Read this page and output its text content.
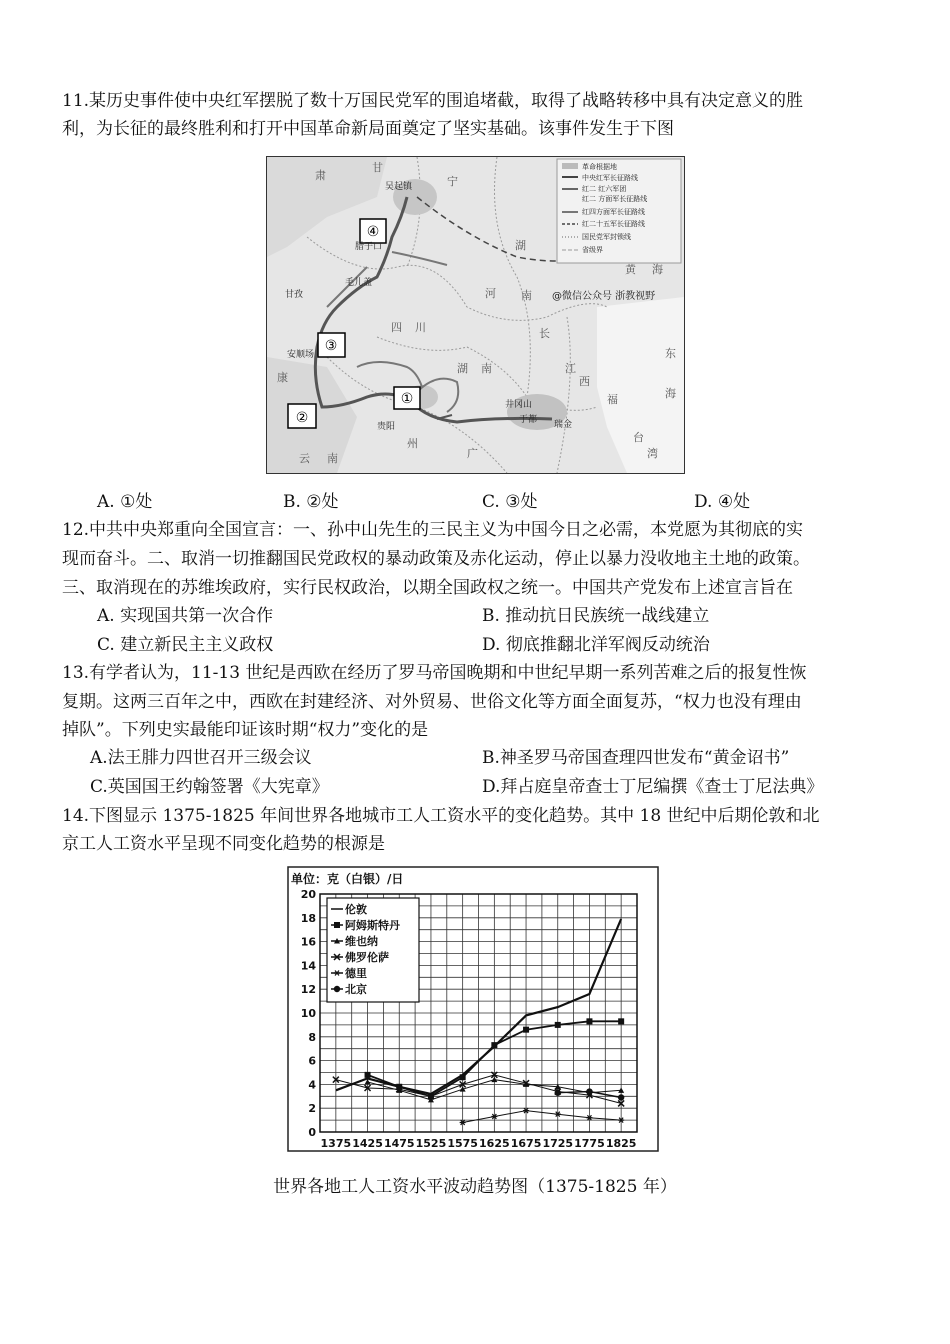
11.某历史事件使中央红军摆脱了数十万国民党军的围追堵截，取得了战略转移中具有决定意义的胜
利，为长征的最终胜利和打开中国革命新局面奠定了坚实基础。该事件发生于下图
①
②
③
④
吴起镇
腊子口
毛儿盖
甘孜
安顺场
贵阳
井冈山
瑞金
于都
甘
宁
湖
河 南
黄 海
东
海
长
台
湾
四 川
云 南
湖 南	江
西
福
广
州
康
肃
革命根据地
中央红军长征路线
红二 红六军团
红二 方面军长征路线
红四方面军长征路线
红二十五军长征路线
国民党军封锁线
省级界
@微信公众号 浙教视野
A. ①处	B. ②处	C. ③处	D. ④处
12.中共中央郑重向全国宣言：一、孙中山先生的三民主义为中国今日之必需，本党愿为其彻底的实
现而奋斗。二、取消一切推翻国民党政权的暴动政策及赤化运动，停止以暴力没收地主土地的政策。
三、取消现在的苏维埃政府，实行民权政治，以期全国政权之统一。中国共产党发布上述宣言旨在
A. 实现国共第一次合作	B. 推动抗日民族统一战线建立
C. 建立新民主主义政权	D. 彻底推翻北洋军阀反动统治
13.有学者认为，11-13 世纪是西欧在经历了罗马帝国晚期和中世纪早期一系列苦难之后的报复性恢
复期。这两三百年之中，西欧在封建经济、对外贸易、世俗文化等方面全面复苏，“权力也没有理由
掉队”。下列史实最能印证该时期“权力”变化的是
A.法王腓力四世召开三级会议	B.神圣罗马帝国查理四世发布“黄金诏书”
C.英国国王约翰签署《大宪章》	D.拜占庭皇帝查士丁尼编撰《查士丁尼法典》
14.下图显示 1375-1825 年间世界各地城市工人工资水平的变化趋势。其中 18 世纪中后期伦敦和北
京工人工资水平呈现不同变化趋势的根源是
单位：克（白银）/日
0
2
4
6
8
10
12
14
16
18
20
1375 1425 1475 1525 1575 1625 1675 1725 1775 1825
伦敦
阿姆斯特丹
维也纳
佛罗伦萨
德里
北京
世界各地工人工资水平波动趋势图（1375-1825 年）
